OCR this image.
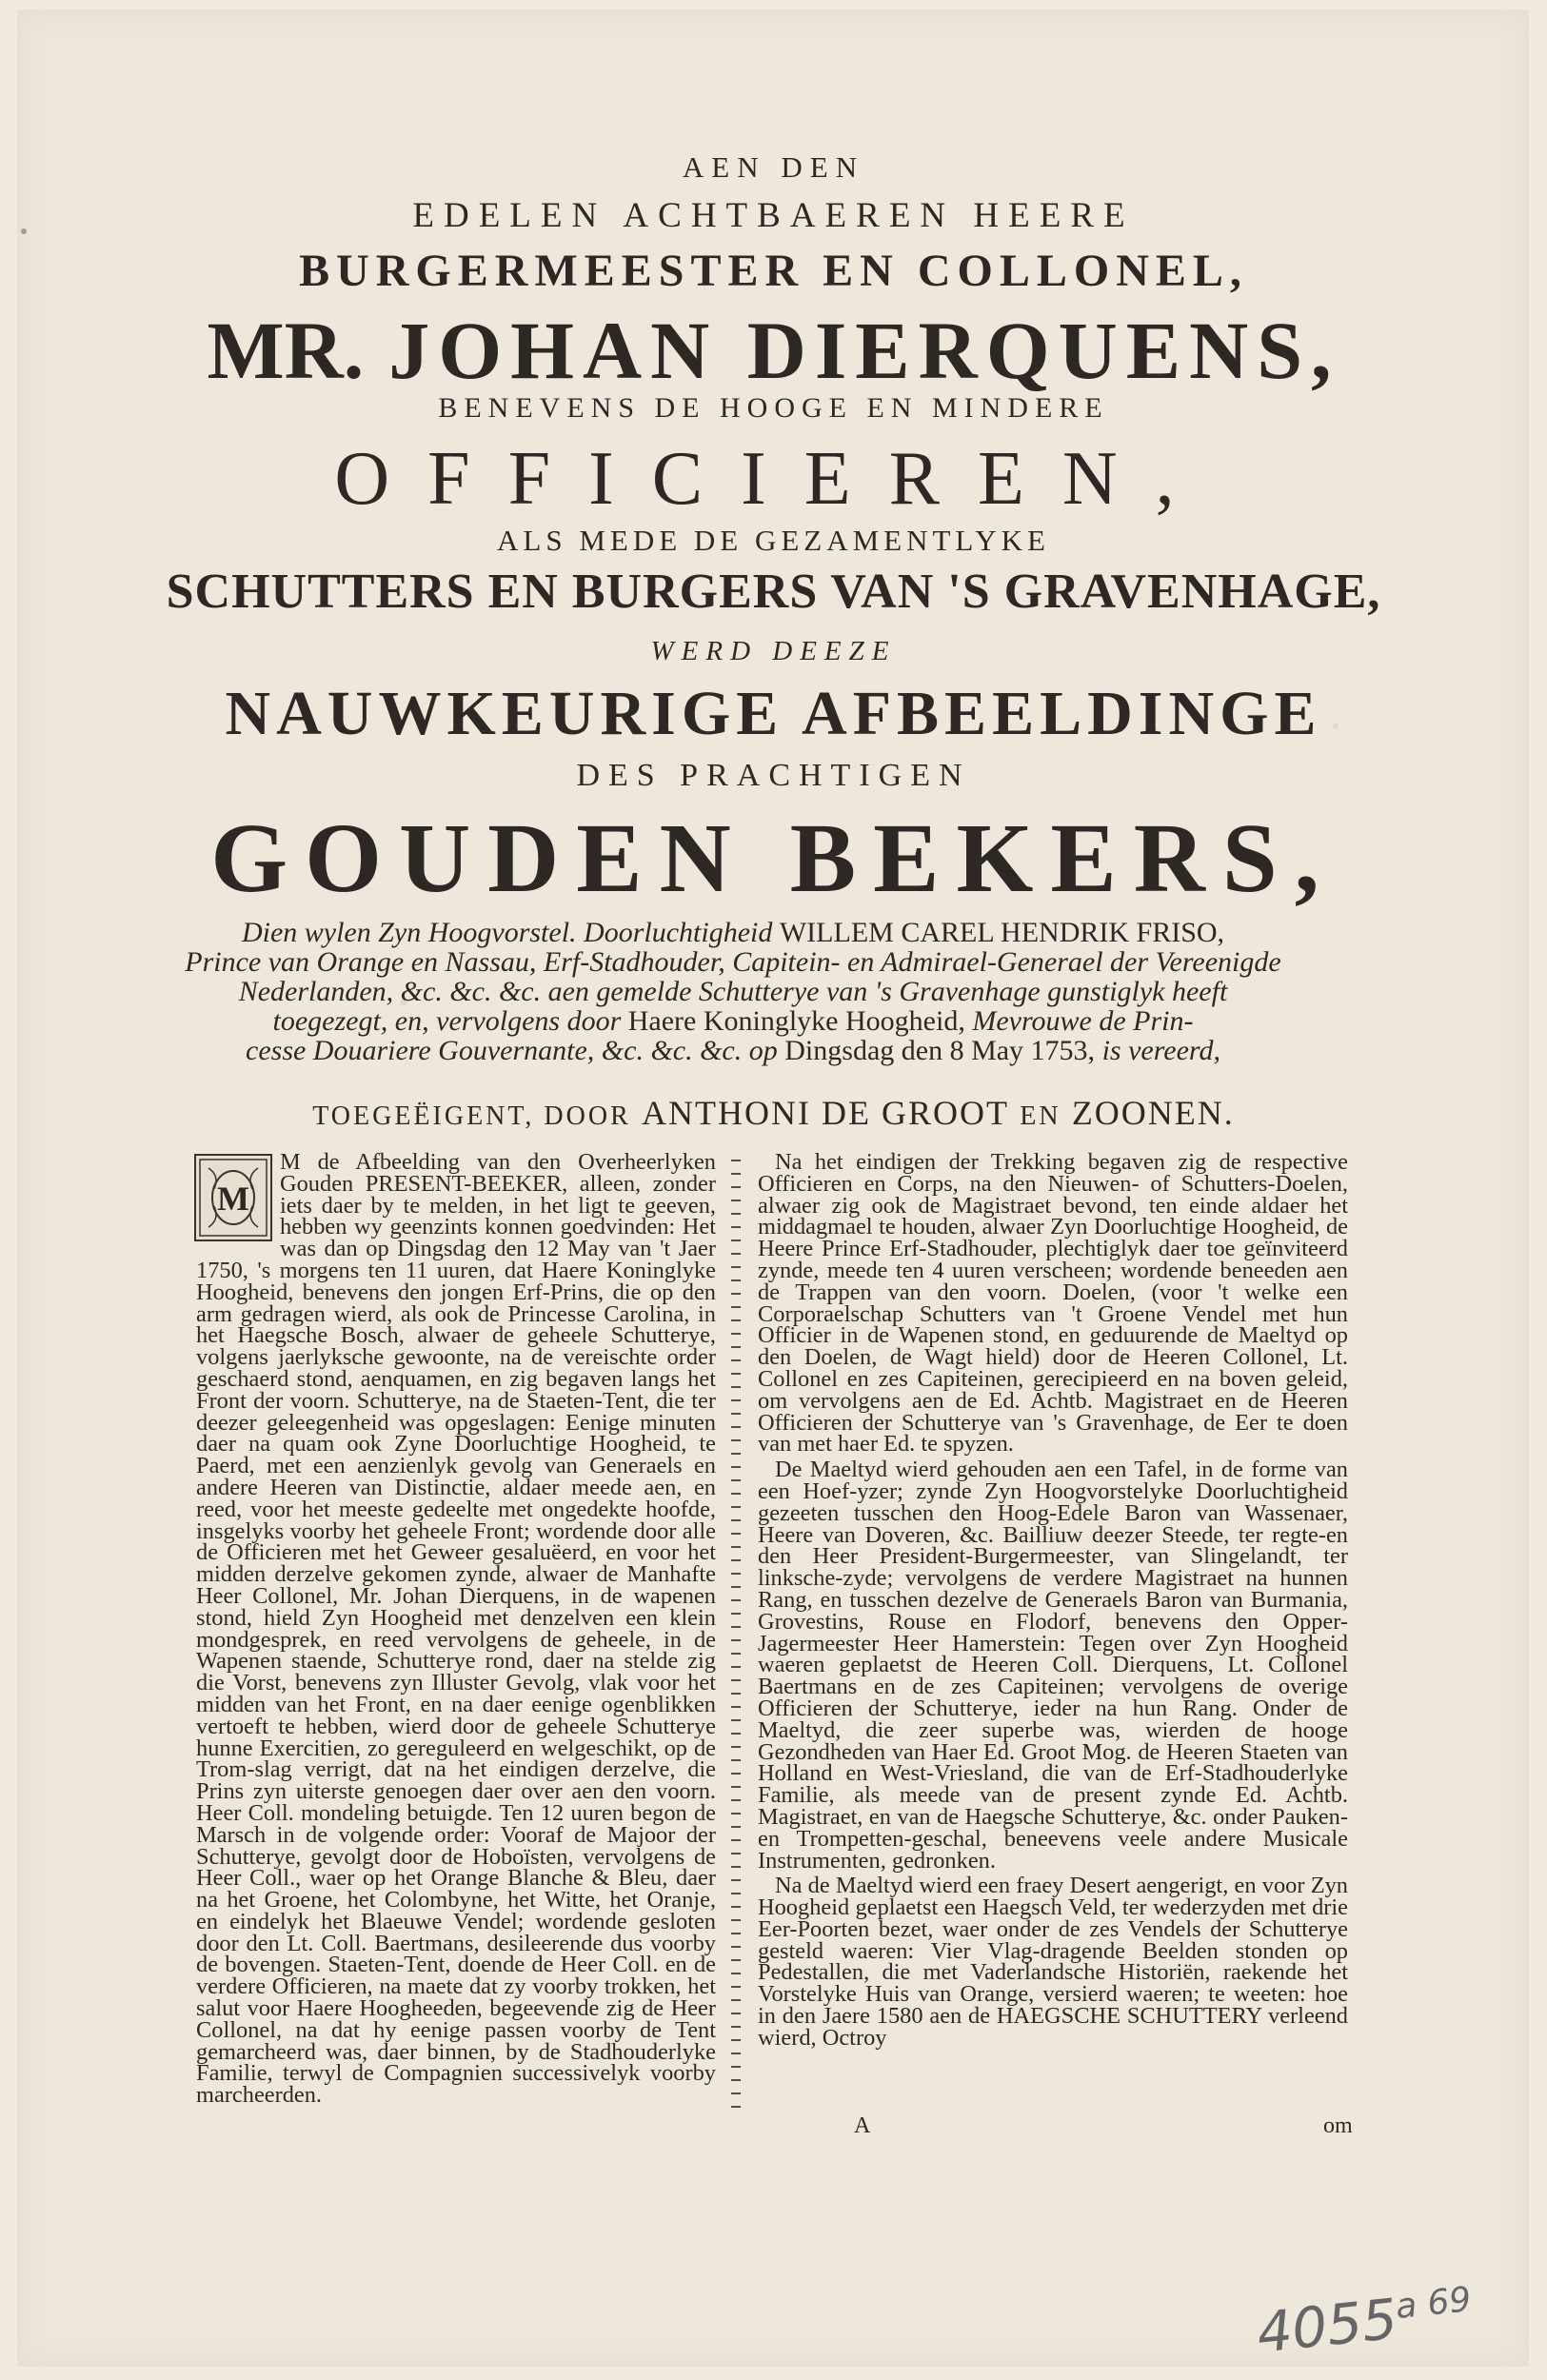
AEN DEN
EDELEN ACHTBAEREN HEERE
BURGERMEESTER EN COLLONEL,
MR. JOHAN DIERQUENS,
BENEVENS DE HOOGE EN MINDERE
OFFICIEREN,
ALS MEDE DE GEZAMENTLYKE
SCHUTTERS EN BURGERS VAN 'S GRAVENHAGE,
WERD DEEZE
NAUWKEURIGE AFBEELDINGE
DES PRACHTIGEN
GOUDEN BEKERS,

Dien wylen Zyn Hoogvorstel. Doorluchtigheid WILLEM CAREL HENDRIK FRISO,

Prince van Orange en Nassau, Erf-Stadhouder, Capitein- en Admirael-Generael der Vereenigde

Nederlanden, &c. &c. &c. aen gemelde Schutterye van 's Gravenhage gunstiglyk heeft

toegezegt, en, vervolgens door Haere Koninglyke Hoogheid, Mevrouwe de Prin-

cesse Douariere Gouvernante, &c. &c. &c. op Dingsdag den 8 May 1753, is vereerd,

TOEGEËIGENT, DOOR ANTHONI DE GROOT EN ZOONEN.
M

M de Afbeelding van den Overheerlyken Gouden PRESENT-BEEKER, alleen, zonder iets daer by te melden, in het ligt te geeven, hebben wy geenzints konnen goedvinden: Het was dan op Dingsdag den 12 May van 't Jaer 1750, 's morgens ten 11 uuren, dat Haere Koninglyke Hoogheid, benevens den jongen Erf-Prins, die op den arm gedragen wierd, als ook de Princesse Carolina, in het Haegsche Bosch, alwaer de geheele Schutterye, volgens jaerlyksche gewoonte, na de vereischte order geschaerd stond, aenquamen, en zig begaven langs het Front der voorn. Schutterye, na de Staeten-Tent, die ter deezer geleegenheid was opgeslagen: Eenige minuten daer na quam ook Zyne Doorluchtige Hoogheid, te Paerd, met een aenzienlyk gevolg van Generaels en andere Heeren van Distinctie, aldaer meede aen, en reed, voor het meeste gedeelte met ongedekte hoofde, insgelyks voorby het geheele Front; wordende door alle de Officieren met het Geweer gesaluëerd, en voor het midden derzelve gekomen zynde, alwaer de Manhafte Heer Collonel, Mr. Johan Dierquens, in de wapenen stond, hield Zyn Hoogheid met denzelven een klein mondgesprek, en reed vervolgens de geheele, in de Wapenen staende, Schutterye rond, daer na stelde zig die Vorst, benevens zyn Illuster Gevolg, vlak voor het midden van het Front, en na daer eenige ogenblikken vertoeft te hebben, wierd door de geheele Schutterye hunne Exercitien, zo gereguleerd en welgeschikt, op de Trom-slag verrigt, dat na het eindigen derzelve, die Prins zyn uiterste genoegen daer over aen den voorn. Heer Coll. mondeling betuigde. Ten 12 uuren begon de Marsch in de volgende order: Vooraf de Majoor der Schutterye, gevolgt door de Hoboïsten, vervolgens de Heer Coll., waer op het Orange Blanche & Bleu, daer na het Groene, het Colombyne, het Witte, het Oranje, en eindelyk het Blaeuwe Vendel; wordende gesloten door den Lt. Coll. Baertmans, desileerende dus voorby de bovengen. Staeten-Tent, doende de Heer Coll. en de verdere Officieren, na maete dat zy voorby trokken, het salut voor Haere Hoogheeden, begeevende zig de Heer Collonel, na dat hy eenige passen voorby de Tent gemarcheerd was, daer binnen, by de Stadhouderlyke Familie, terwyl de Compagnien successivelyk voorby marcheerden.

Na het eindigen der Trekking begaven zig de respective Officieren en Corps, na den Nieuwen- of Schutters-Doelen, alwaer zig ook de Magistraet bevond, ten einde aldaer het middagmael te houden, alwaer Zyn Doorluchtige Hoogheid, de Heere Prince Erf-Stadhouder, plechtiglyk daer toe geïnviteerd zynde, meede ten 4 uuren verscheen; wordende beneeden aen de Trappen van den voorn. Doelen, (voor 't welke een Corporaelschap Schutters van 't Groene Vendel met hun Officier in de Wapenen stond, en geduurende de Maeltyd op den Doelen, de Wagt hield) door de Heeren Collonel, Lt. Collonel en zes Capiteinen, gerecipieerd en na boven geleid, om vervolgens aen de Ed. Achtb. Magistraet en de Heeren Officieren der Schutterye van 's Gravenhage, de Eer te doen van met haer Ed. te spyzen.

De Maeltyd wierd gehouden aen een Tafel, in de forme van een Hoef-yzer; zynde Zyn Hoogvorstelyke Doorluchtigheid gezeeten tusschen den Hoog-Edele Baron van Wassenaer, Heere van Doveren, &c. Bailliuw deezer Steede, ter regte-en den Heer President-Burgermeester, van Slingelandt, ter linksche-zyde; vervolgens de verdere Magistraet na hunnen Rang, en tusschen dezelve de Generaels Baron van Burmania, Grovestins, Rouse en Flodorf, benevens den Opper-Jagermeester Heer Hamerstein: Tegen over Zyn Hoogheid waeren geplaetst de Heeren Coll. Dierquens, Lt. Collonel Baertmans en de zes Capiteinen; vervolgens de overige Officieren der Schutterye, ieder na hun Rang. Onder de Maeltyd, die zeer superbe was, wierden de hooge Gezondheden van Haer Ed. Groot Mog. de Heeren Staeten van Holland en West-Vriesland, die van de Erf-Stadhouderlyke Familie, als meede van de present zynde Ed. Achtb. Magistraet, en van de Haegsche Schutterye, &c. onder Pauken- en Trompetten-geschal, beneevens veele andere Musicale Instrumenten, gedronken.

Na de Maeltyd wierd een fraey Desert aengerigt, en voor Zyn Hoogheid geplaetst een Haegsch Veld, ter wederzyden met drie Eer-Poorten bezet, waer onder de zes Vendels der Schutterye gesteld waeren: Vier Vlag-dragende Beelden stonden op Pedestallen, die met Vaderlandsche Historiën, raekende het Vorstelyke Huis van Orange, versierd waeren; te weeten: hoe in den Jaere 1580 aen de HAEGSCHE SCHUTTERY verleend wierd, Octroy

A	om
$4055^{a 69}$
